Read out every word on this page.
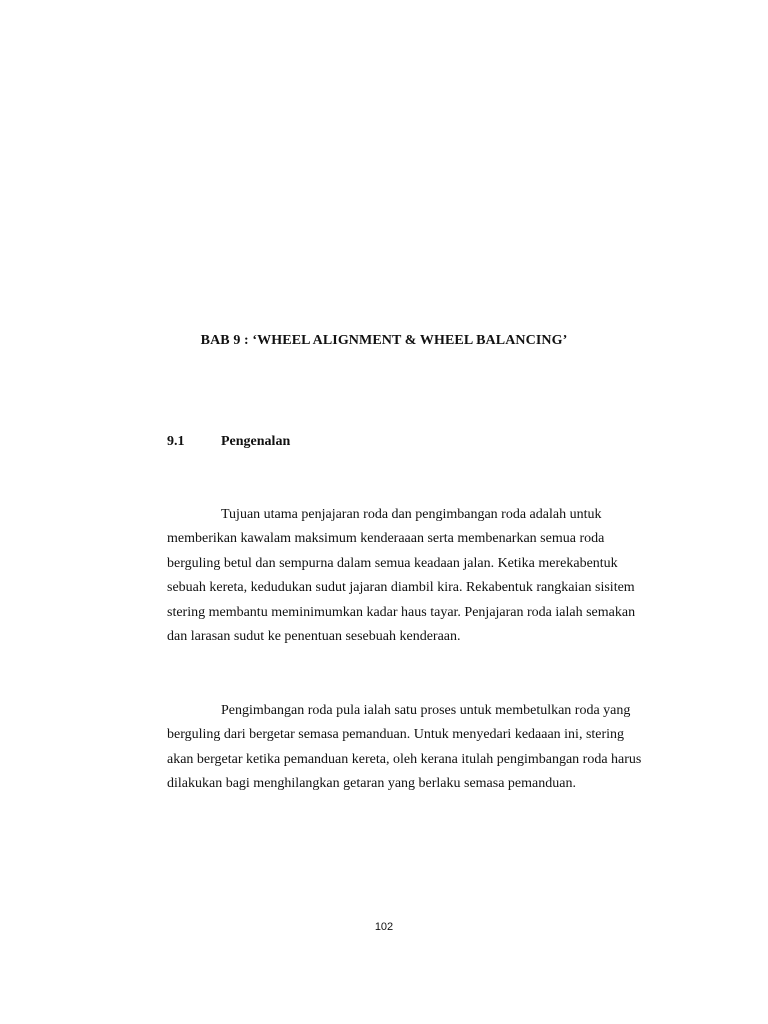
BAB 9 : ‘WHEEL ALIGNMENT & WHEEL BALANCING’
9.1	Pengenalan

Tujuan utama penjajaran roda dan pengimbangan roda adalah untuk
memberikan kawalam maksimum kenderaaan serta membenarkan semua roda
berguling betul dan sempurna dalam semua keadaan jalan. Ketika merekabentuk
sebuah kereta, kedudukan sudut jajaran diambil kira. Rekabentuk rangkaian sisitem
stering membantu meminimumkan kadar haus tayar. Penjajaran roda ialah semakan
dan larasan sudut ke penentuan sesebuah kenderaan.

Pengimbangan roda pula ialah satu proses untuk membetulkan roda yang
berguling dari bergetar semasa pemanduan. Untuk menyedari kedaaan ini, stering
akan bergetar ketika pemanduan kereta, oleh kerana itulah pengimbangan roda harus
dilakukan bagi menghilangkan getaran yang berlaku semasa pemanduan.

102
